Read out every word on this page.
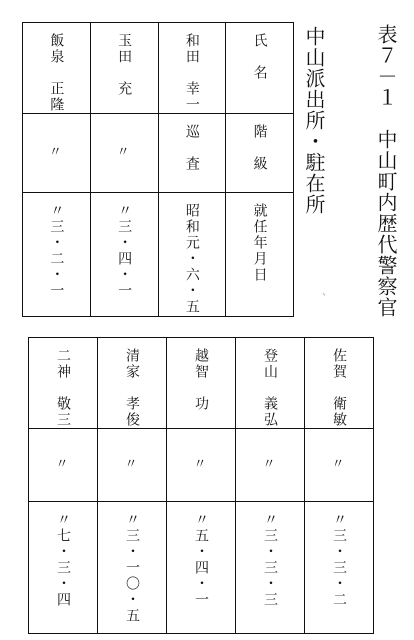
表７－１　中山町内歴代警察官
中山派出所・駐在所
、
飯泉　正隆	玉田　充	和田　幸一	氏　名

〃	〃	巡　査	階　級

〃三・二・一	〃三・四・一	昭和元・六・五	就任年月日
二神　敬三	清家　孝俊	越智　功	登山　義弘	佐賀　衛敏

〃	〃	〃	〃	〃

〃七・三・四	〃三・一〇・五	〃五・四・一	〃三・三・三	〃三・三・二
